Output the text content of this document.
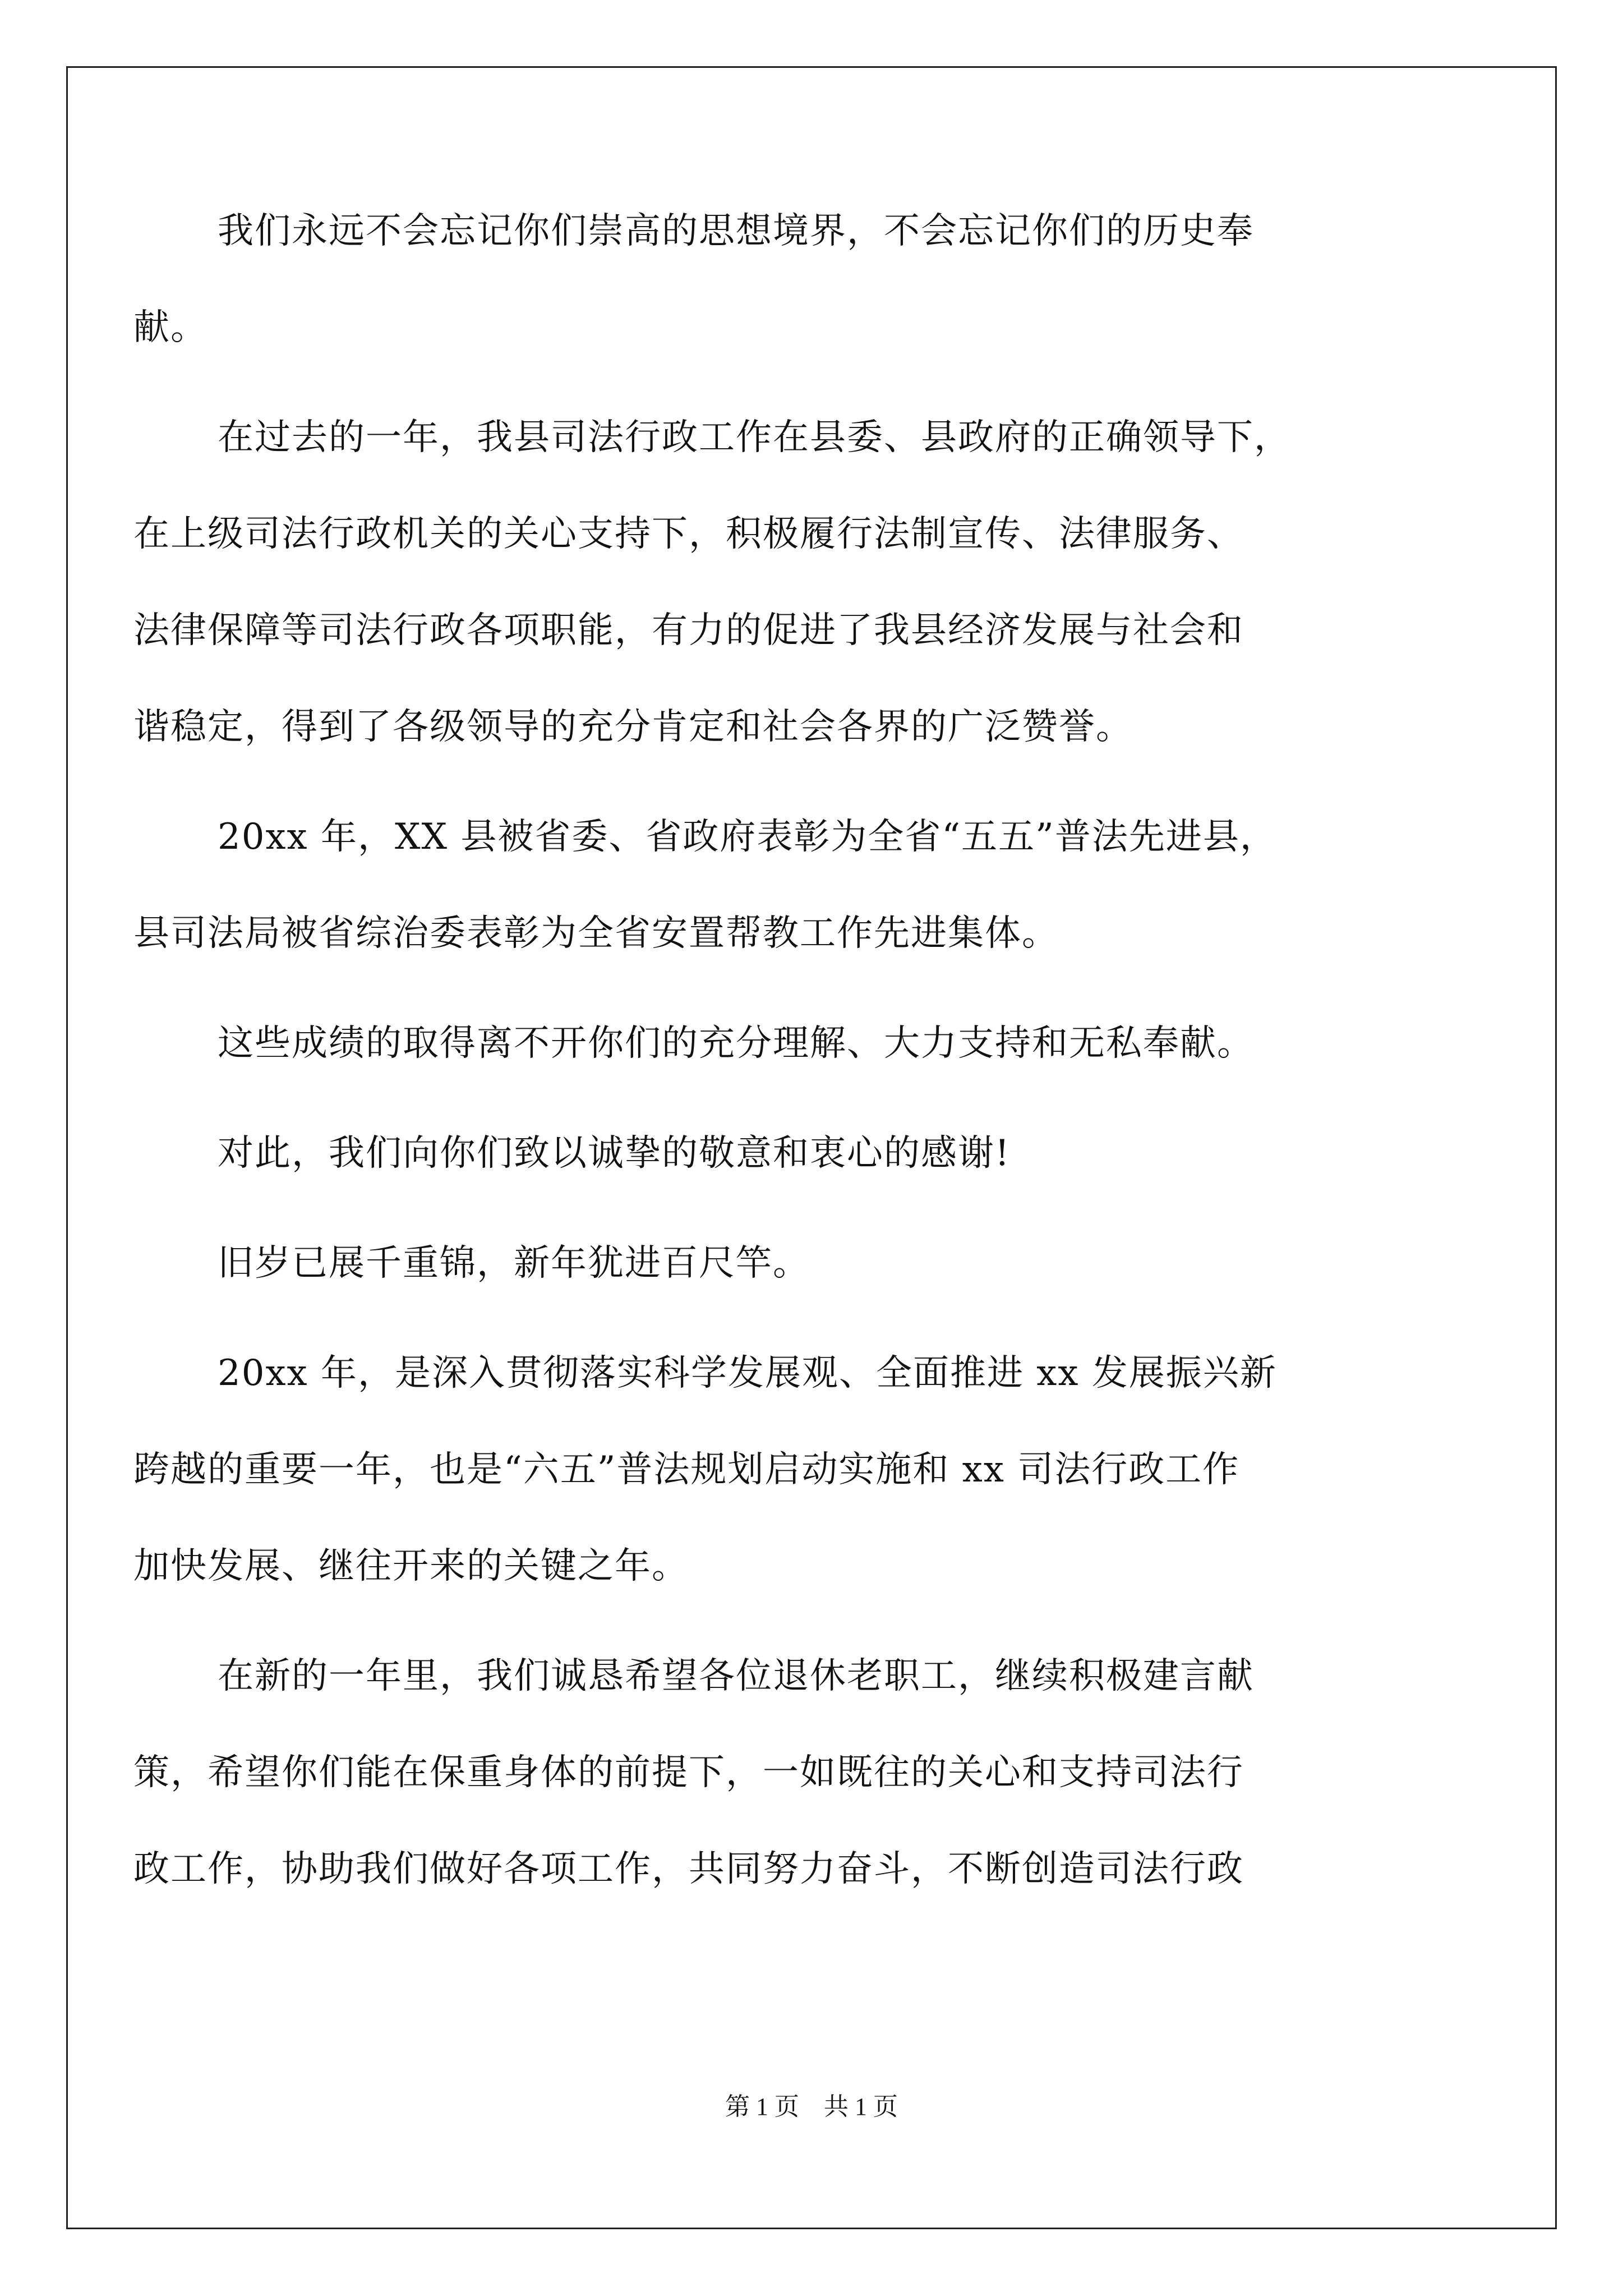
我们永远不会忘记你们崇高的思想境界，不会忘记你们的历史奉
献。
在过去的一年，我县司法行政工作在县委、县政府的正确领导下，
在上级司法行政机关的关心支持下，积极履行法制宣传、法律服务、
法律保障等司法行政各项职能，有力的促进了我县经济发展与社会和
谐稳定，得到了各级领导的充分肯定和社会各界的广泛赞誉。
20xx 年，XX 县被省委、省政府表彰为全省“五五”普法先进县，
县司法局被省综治委表彰为全省安置帮教工作先进集体。
这些成绩的取得离不开你们的充分理解、大力支持和无私奉献。
对此，我们向你们致以诚挚的敬意和衷心的感谢!
旧岁已展千重锦，新年犹进百尺竿。
20xx 年，是深入贯彻落实科学发展观、全面推进 xx 发展振兴新
跨越的重要一年，也是“六五”普法规划启动实施和 xx 司法行政工作
加快发展、继往开来的关键之年。
在新的一年里，我们诚恳希望各位退休老职工，继续积极建言献
策，希望你们能在保重身体的前提下，一如既往的关心和支持司法行
政工作，协助我们做好各项工作，共同努力奋斗，不断创造司法行政
第 1 页　共 1 页
